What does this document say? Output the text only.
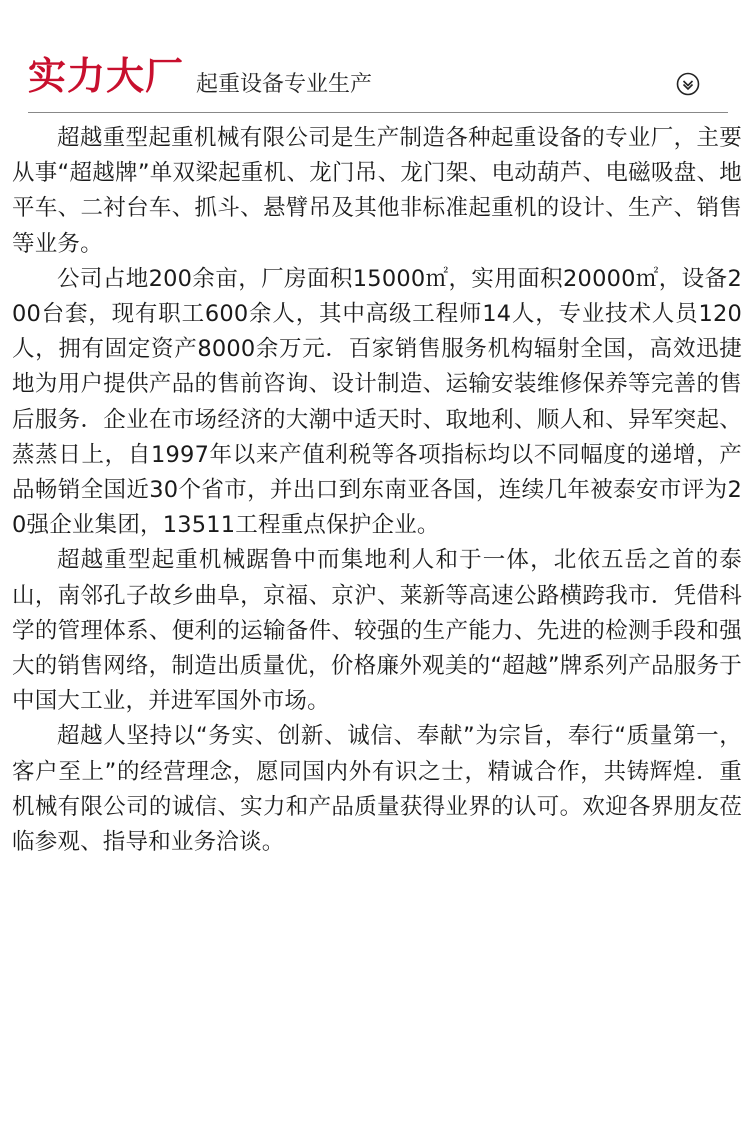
实力大厂 起重设备专业生产

超越重型起重机械有限公司是生产制造各种起重设备的专业厂，主要从事“超越牌”单双梁起重机、龙门吊、龙门架、电动葫芦、电磁吸盘、地平车、二衬台车、抓斗、悬臂吊及其他非标准起重机的设计、生产、销售等业务。

公司占地200余亩，厂房面积15000㎡，实用面积20000㎡，设备200台套，现有职工600余人，其中高级工程师14人，专业技术人员120人，拥有固定资产8000余万元．百家销售服务机构辐射全国，高效迅捷地为用户提供产品的售前咨询、设计制造、运输安装维修保养等完善的售后服务．企业在市场经济的大潮中适天时、取地利、顺人和、异军突起、蒸蒸日上，自1997年以来产值利税等各项指标均以不同幅度的递增，产品畅销全国近30个省市，并出口到东南亚各国，连续几年被泰安市评为20强企业集团，13511工程重点保护企业。

超越重型起重机械踞鲁中而集地利人和于一体，北依五岳之首的泰山，南邻孔子故乡曲阜，京福、京沪、莱新等高速公路横跨我市．凭借科学的管理体系、便利的运输备件、较强的生产能力、先进的检测手段和强大的销售网络，制造出质量优，价格廉外观美的“超越”牌系列产品服务于中国大工业，并进军国外市场。

超越人坚持以“务实、创新、诚信、奉献”为宗旨，奉行“质量第一，客户至上”的经营理念，愿同国内外有识之士，精诚合作，共铸辉煌．重机械有限公司的诚信、实力和产品质量获得业界的认可。欢迎各界朋友莅临参观、指导和业务洽谈。
